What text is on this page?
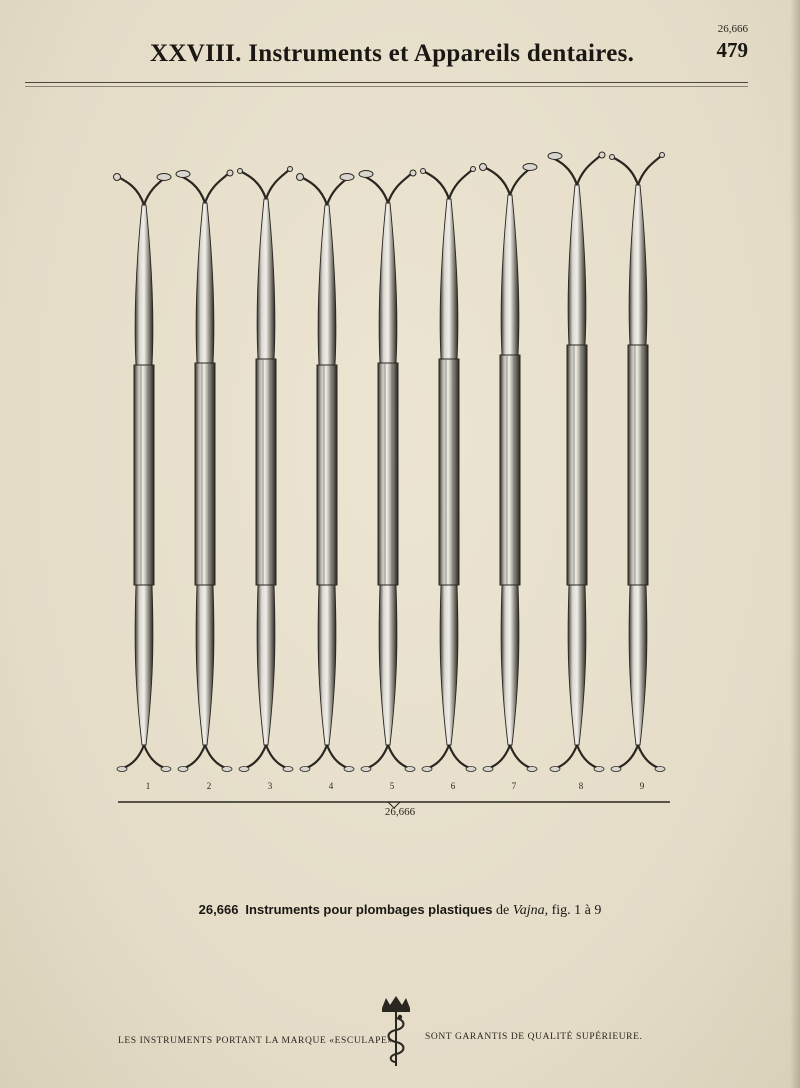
XXVIII. Instruments et Appareils dentaires.
26,666
479
1	2	3	4	5	6	7	8	9
26,666
26,666 Instruments pour plombages plastiques de Vajna, fig. 1 à 9
LES INSTRUMENTS PORTANT LA MARQUE «ESCULAPE»	SONT GARANTIS DE QUALITÉ SUPÉRIEURE.
